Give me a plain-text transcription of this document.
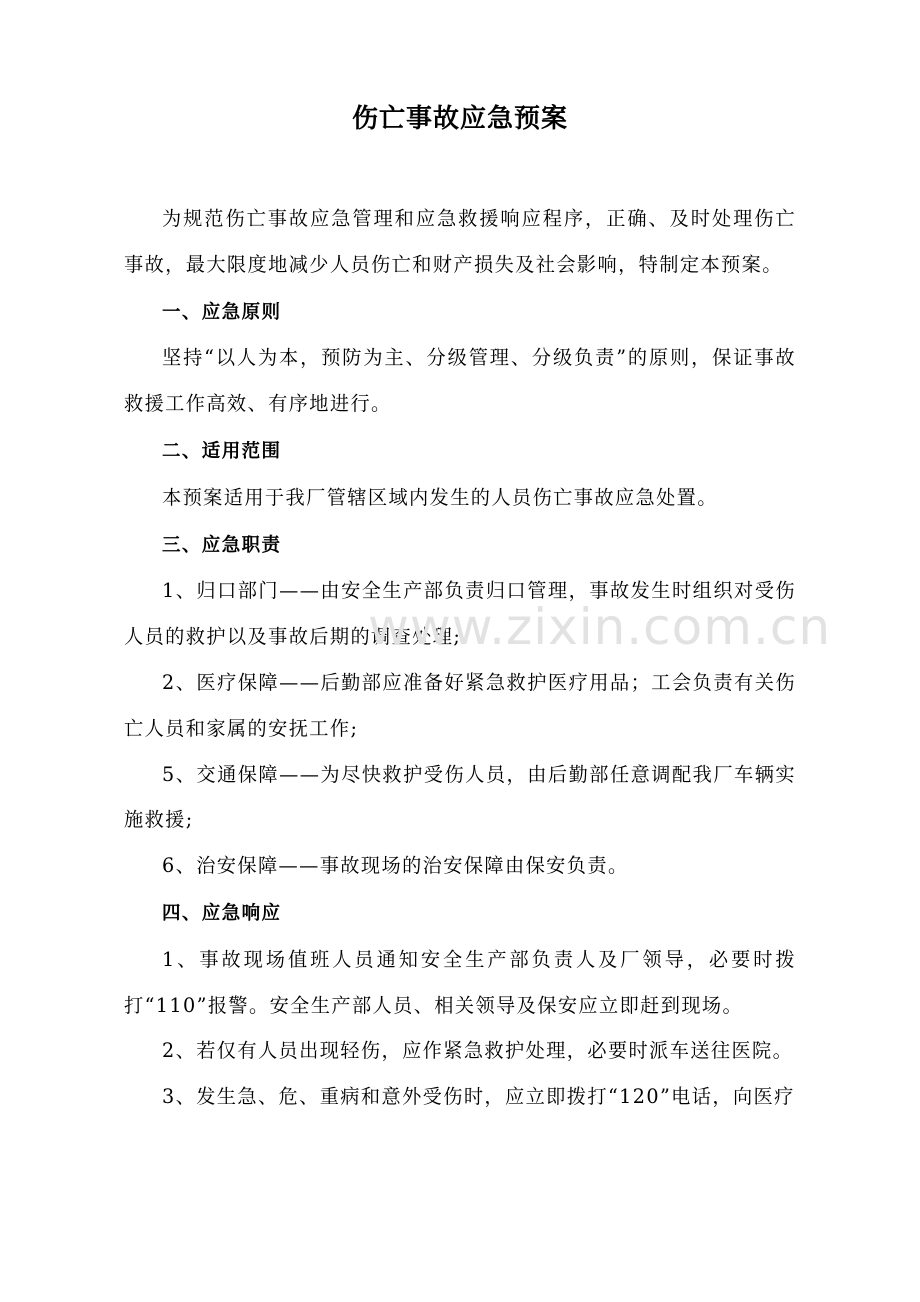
伤亡事故应急预案

为规范伤亡事故应急管理和应急救援响应程序，正确、及时处理伤亡事故，最大限度地减少人员伤亡和财产损失及社会影响，特制定本预案。

一、应急原则

坚持“以人为本，预防为主、分级管理、分级负责”的原则，保证事故救援工作高效、有序地进行。

二、适用范围

本预案适用于我厂管辖区域内发生的人员伤亡事故应急处置。

三、应急职责

1、归口部门——由安全生产部负责归口管理，事故发生时组织对受伤人员的救护以及事故后期的调查处理;

2、医疗保障——后勤部应准备好紧急救护医疗用品；工会负责有关伤亡人员和家属的安抚工作;

5、交通保障——为尽快救护受伤人员，由后勤部任意调配我厂车辆实施救援;

6、治安保障——事故现场的治安保障由保安负责。

四、应急响应

1、事故现场值班人员通知安全生产部负责人及厂领导，必要时拨打“110”报警。安全生产部人员、相关领导及保安应立即赶到现场。

2、若仅有人员出现轻伤，应作紧急救护处理，必要时派车送往医院。

3、发生急、危、重病和意外受伤时，应立即拨打“120”电话，向医疗

www.zixin.com.cn
